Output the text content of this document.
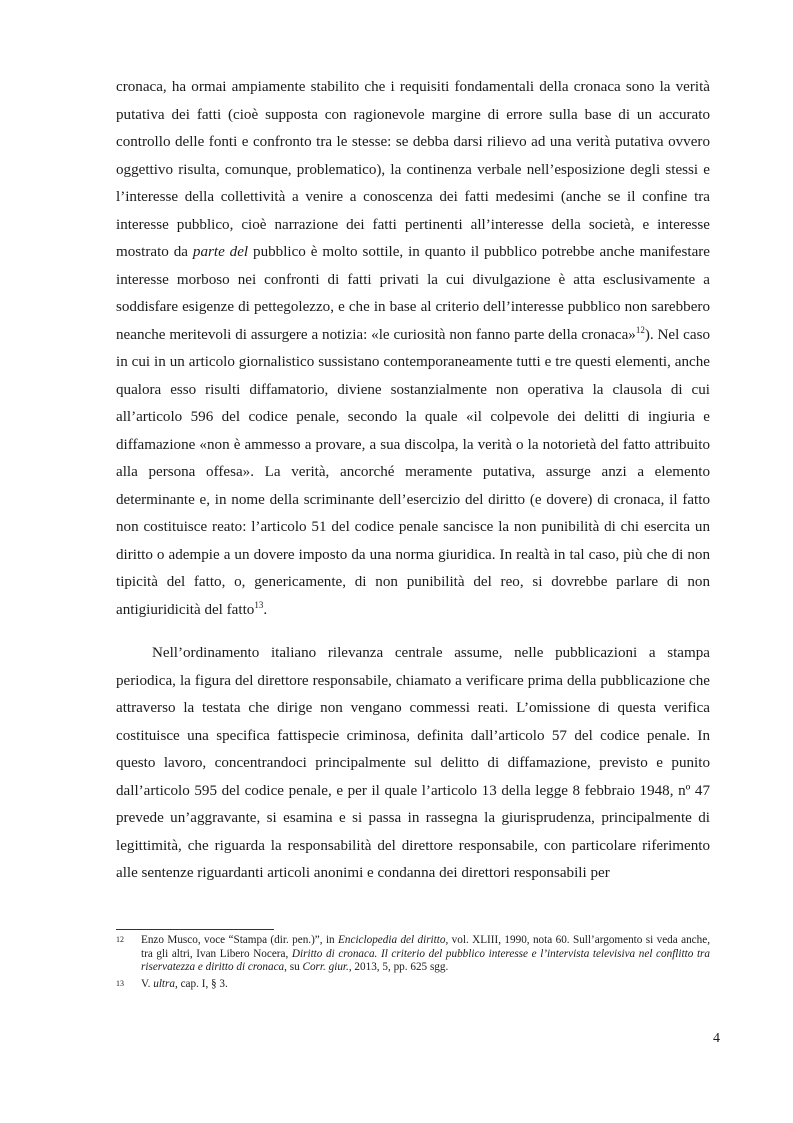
cronaca, ha ormai ampiamente stabilito che i requisiti fondamentali della cronaca sono la verità putativa dei fatti (cioè supposta con ragionevole margine di errore sulla base di un accurato controllo delle fonti e confronto tra le stesse: se debba darsi rilievo ad una verità putativa ovvero oggettivo risulta, comunque, problematico), la continenza verbale nell’esposizione degli stessi e l’interesse della collettività a venire a conoscenza dei fatti medesimi (anche se il confine tra interesse pubblico, cioè narrazione dei fatti pertinenti all’interesse della società, e interesse mostrato da parte del pubblico è molto sottile, in quanto il pubblico potrebbe anche manifestare interesse morboso nei confronti di fatti privati la cui divulgazione è atta esclusivamente a soddisfare esigenze di pettegolezzo, e che in base al criterio dell’interesse pubblico non sarebbero neanche meritevoli di assurgere a notizia: «le curiosità non fanno parte della cronaca»$^{12}$). Nel caso in cui in un articolo giornalistico sussistano contemporaneamente tutti e tre questi elementi, anche qualora esso risulti diffamatorio, diviene sostanzialmente non operativa la clausola di cui all’articolo 596 del codice penale, secondo la quale «il colpevole dei delitti di ingiuria e diffamazione «non è ammesso a provare, a sua discolpa, la verità o la notorietà del fatto attribuito alla persona offesa». La verità, ancorché meramente putativa, assurge anzi a elemento determinante e, in nome della scriminante dell’esercizio del diritto (e dovere) di cronaca, il fatto non costituisce reato: l’articolo 51 del codice penale sancisce la non punibilità di chi esercita un diritto o adempie a un dovere imposto da una norma giuridica. In realtà in tal caso, più che di non tipicità del fatto, o, genericamente, di non punibilità del reo, si dovrebbe parlare di non antigiuridicità del fatto$^{13}$.

Nell’ordinamento italiano rilevanza centrale assume, nelle pubblicazioni a stampa periodica, la figura del direttore responsabile, chiamato a verificare prima della pubblicazione che attraverso la testata che dirige non vengano commessi reati. L’omissione di questa verifica costituisce una specifica fattispecie criminosa, definita dall’articolo 57 del codice penale. In questo lavoro, concentrandoci principalmente sul delitto di diffamazione, previsto e punito dall’articolo 595 del codice penale, e per il quale l’articolo 13 della legge 8 febbraio 1948, nº 47 prevede un’aggravante, si esamina e si passa in rassegna la giurisprudenza, principalmente di legittimità, che riguarda la responsabilità del direttore responsabile, con particolare riferimento alle sentenze riguardanti articoli anonimi e condanna dei direttori responsabili per

12	Enzo Musco, voce “Stampa (dir. pen.)”, in Enciclopedia del diritto, vol. XLIII, 1990, nota 60. Sull’argomento si veda anche, tra gli altri, Ivan Libero Nocera, Diritto di cronaca. Il criterio del pubblico interesse e l’intervista televisiva nel conflitto tra riservatezza e diritto di cronaca, su Corr. giur., 2013, 5, pp. 625 sgg.
13	V. ultra, cap. I, § 3.
4
